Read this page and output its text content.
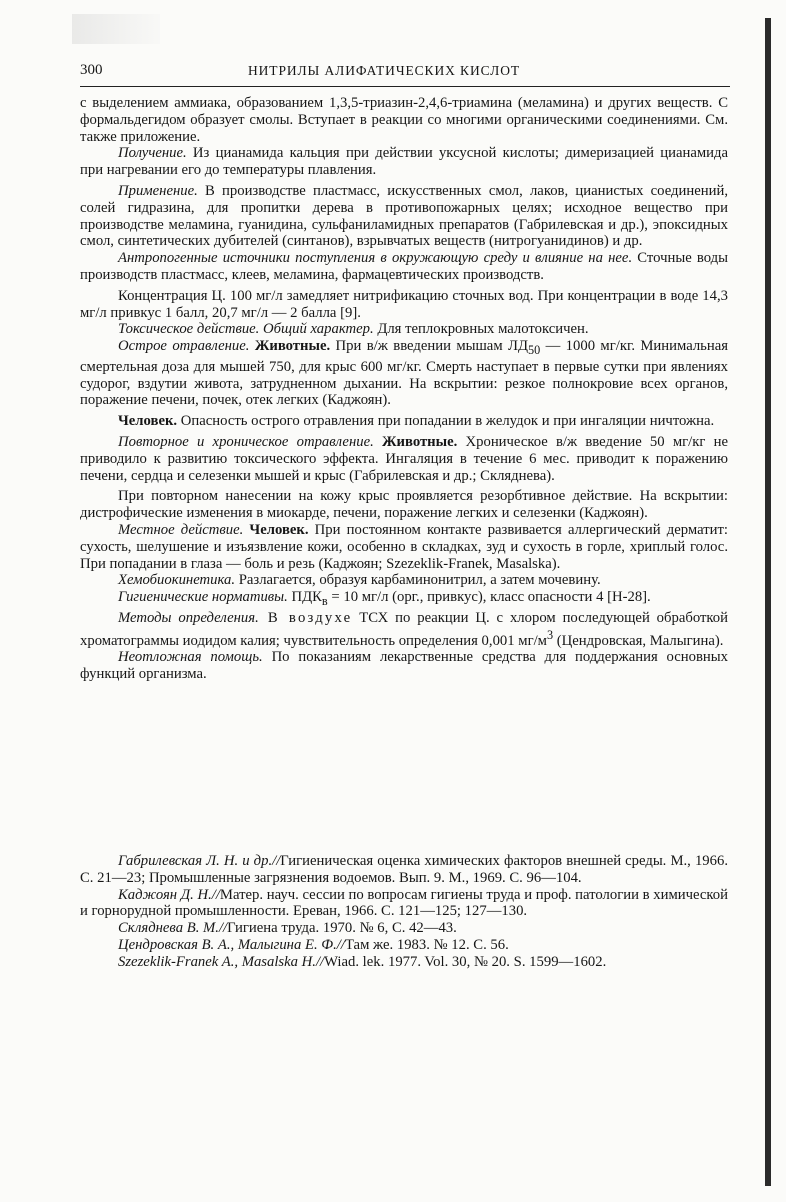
300	НИТРИЛЫ АЛИФАТИЧЕСКИХ КИСЛОТ

с выделением аммиака, образованием 1,3,5-триазин-2,4,6-триамина (меламина) и других веществ. С формальдегидом образует смолы. Вступает в реакции со многими органическими соединениями. См. также приложение.

Получение. Из цианамида кальция при действии уксусной кислоты; димеризацией цианамида при нагревании его до температуры плавления.

Применение. В производстве пластмасс, искусственных смол, лаков, цианистых соединений, солей гидразина, для пропитки дерева в противопожарных целях; исходное вещество при производстве меламина, гуанидина, сульфаниламидных препаратов (Габрилевская и др.), эпоксидных смол, синтетических дубителей (синтанов), взрывчатых веществ (нитрогуанидинов) и др.

Антропогенные источники поступления в окружающую среду и влияние на нее. Сточные воды производств пластмасс, клеев, меламина, фармацевтических производств.

Концентрация Ц. 100 мг/л замедляет нитрификацию сточных вод. При концентрации в воде 14,3 мг/л привкус 1 балл, 20,7 мг/л — 2 балла [9].

Токсическое действие. Общий характер. Для теплокровных малотоксичен.

Острое отравление. Животные. При в/ж введении мышам $ЛД_{50}$ — 1000 мг/кг. Минимальная смертельная доза для мышей 750, для крыс 600 мг/кг. Смерть наступает в первые сутки при явлениях судорог, вздутии живота, затрудненном дыхании. На вскрытии: резкое полнокровие всех органов, поражение печени, почек, отек легких (Каджоян).

Человек. Опасность острого отравления при попадании в желудок и при ингаляции ничтожна.

Повторное и хроническое отравление. Животные. Хроническое в/ж введение 50 мг/кг не приводило к развитию токсического эффекта. Ингаляция в течение 6 мес. приводит к поражению печени, сердца и селезенки мышей и крыс (Габрилевская и др.; Скляднева).

При повторном нанесении на кожу крыс проявляется резорбтивное действие. На вскрытии: дистрофические изменения в миокарде, печени, поражение легких и селезенки (Каджоян).

Местное действие. Человек. При постоянном контакте развивается аллергический дерматит: сухость, шелушение и изъязвление кожи, особенно в складках, зуд и сухость в горле, хриплый голос. При попадании в глаза — боль и резь (Каджоян; Szezeklik-Franek, Masalska).

Хемобиокинетика. Разлагается, образуя карбаминонитрил, а затем мочевину.

Гигиенические нормативы. $ПДК_в = 10$ мг/л (орг., привкус), класс опасности 4 [Н-28].

Методы определения. В воздухе ТСХ по реакции Ц. с хлором последующей обработкой хроматограммы иодидом калия; чувствительность определения 0,001 $мг/м^3$ (Цендровская, Малыгина).

Неотложная помощь. По показаниям лекарственные средства для поддержания основных функций организма.

Габрилевская Л. Н. и др.//Гигиеническая оценка химических факторов внешней среды. М., 1966. С. 21—23; Промышленные загрязнения водоемов. Вып. 9. М., 1969. С. 96—104.

Каджоян Д. Н.//Матер. науч. сессии по вопросам гигиены труда и проф. патологии в химической и горнорудной промышленности. Ереван, 1966. С. 121—125; 127—130.

Скляднева В. М.//Гигиена труда. 1970. № 6, С. 42—43.

Цендровская В. А., Малыгина Е. Ф.//Там же. 1983. № 12. С. 56.

Szezeklik-Franek A., Masalska H.//Wiad. lek. 1977. Vol. 30, № 20. S. 1599—1602.
